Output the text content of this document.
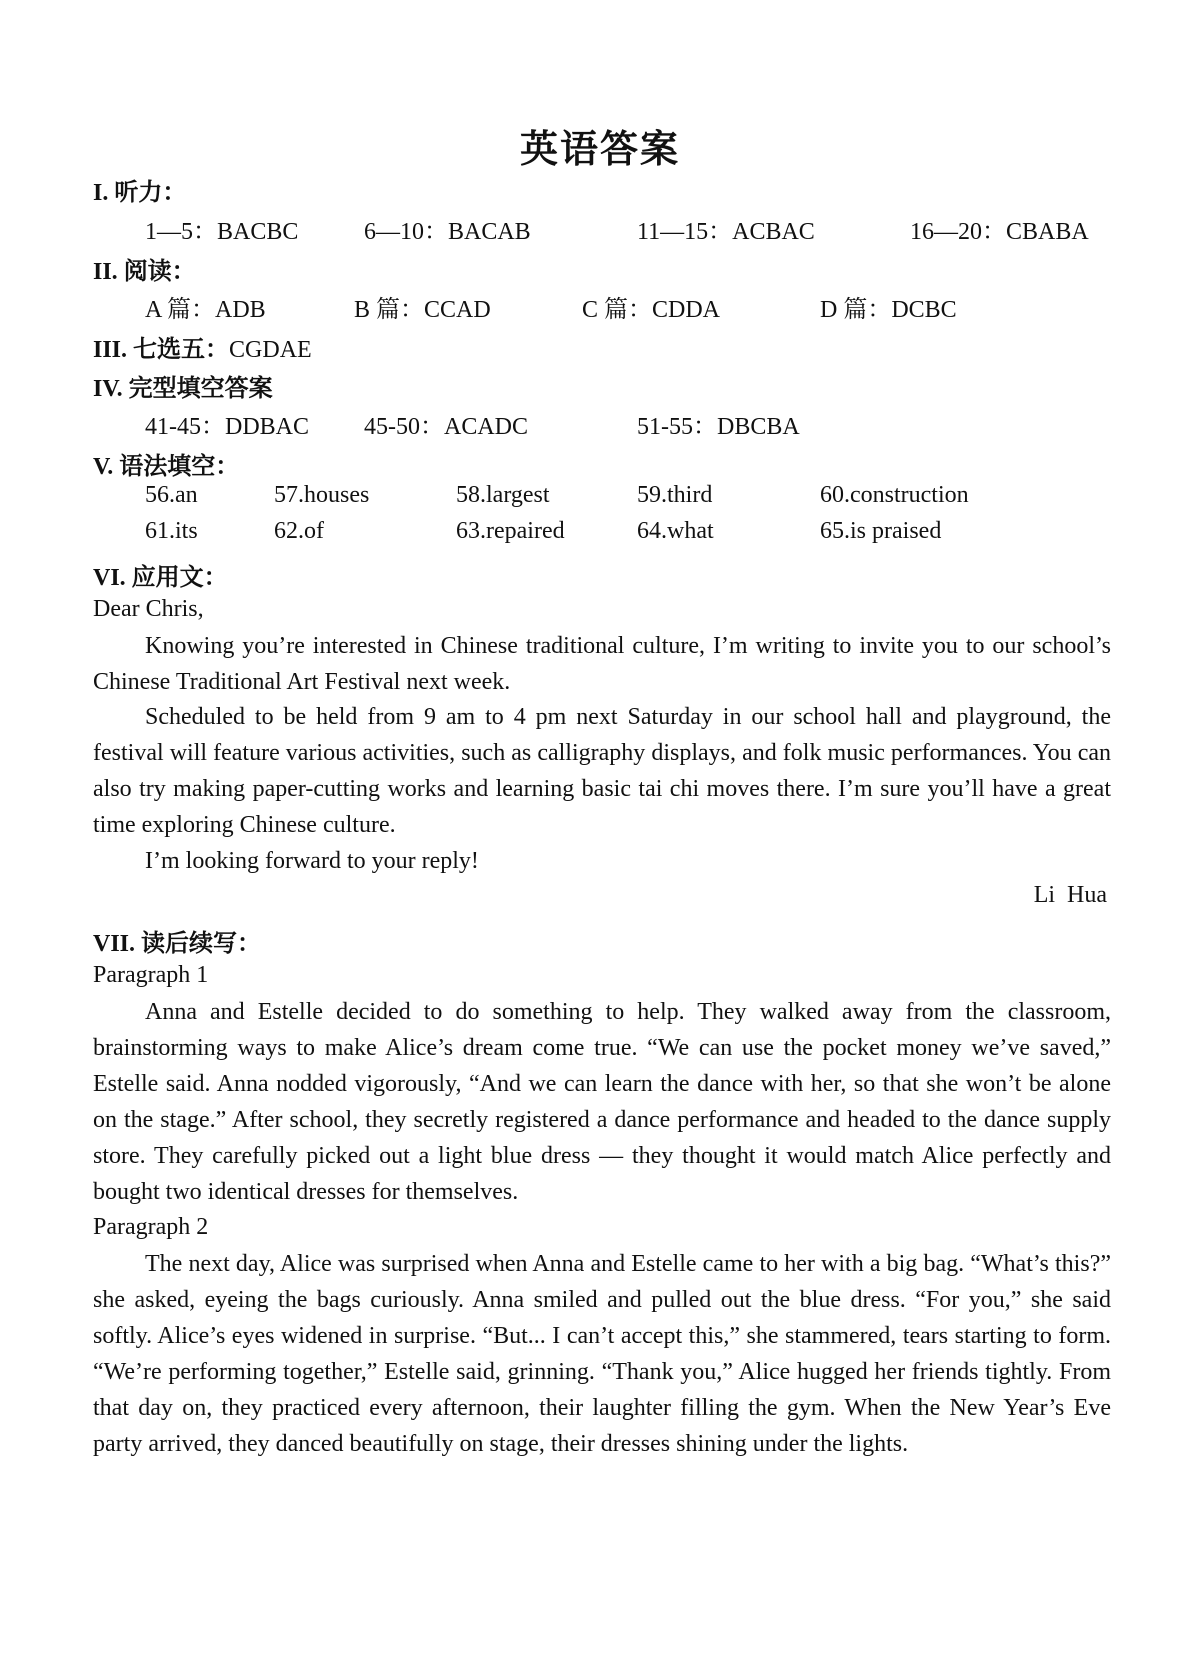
英语答案
I. 听力：
1—5：BACBC	6—10：BACAB	11—15：ACBAC	16—20：CBABA
II. 阅读：
A 篇：ADB	B 篇：CCAD	C 篇：CDDA	D 篇：DCBC
III. 七选五：CGDAE
IV. 完型填空答案
41-45：DDBAC 45-50：ACADC	51-55：DBCBA
V. 语法填空：
56.an	57.houses	58.largest	59.third	60.construction
61.its	62.of	63.repaired	64.what	65.is praised
VI. 应用文：
Dear Chris,

Knowing you’re interested in Chinese traditional culture, I’m writing to invite you to our school’s Chinese Traditional Art Festival next week.

Scheduled to be held from 9 am to 4 pm next Saturday in our school hall and playground, the festival will feature various activities, such as calligraphy displays, and folk music performances. You can also try making paper-cutting works and learning basic tai chi moves there. I’m sure you’ll have a great time exploring Chinese culture.

I’m looking forward to your reply!

Li  Hua
VII. 读后续写：
Paragraph 1

Anna and Estelle decided to do something to help. They walked away from the classroom, brainstorming ways to make Alice’s dream come true. “We can use the pocket money we’ve saved,” Estelle said. Anna nodded vigorously, “And we can learn the dance with her, so that she won’t be alone on the stage.” After school, they secretly registered a dance performance and headed to the dance supply store. They carefully picked out a light blue dress — they thought it would match Alice perfectly and bought two identical dresses for themselves.

Paragraph 2

The next day, Alice was surprised when Anna and Estelle came to her with a big bag. “What’s this?” she asked, eyeing the bags curiously. Anna smiled and pulled out the blue dress. “For you,” she said softly. Alice’s eyes widened in surprise. “But... I can’t accept this,” she stammered, tears starting to form. “We’re performing together,” Estelle said, grinning. “Thank you,” Alice hugged her friends tightly. From that day on, they practiced every afternoon, their laughter filling the gym. When the New Year’s Eve party arrived, they danced beautifully on stage, their dresses shining under the lights.
